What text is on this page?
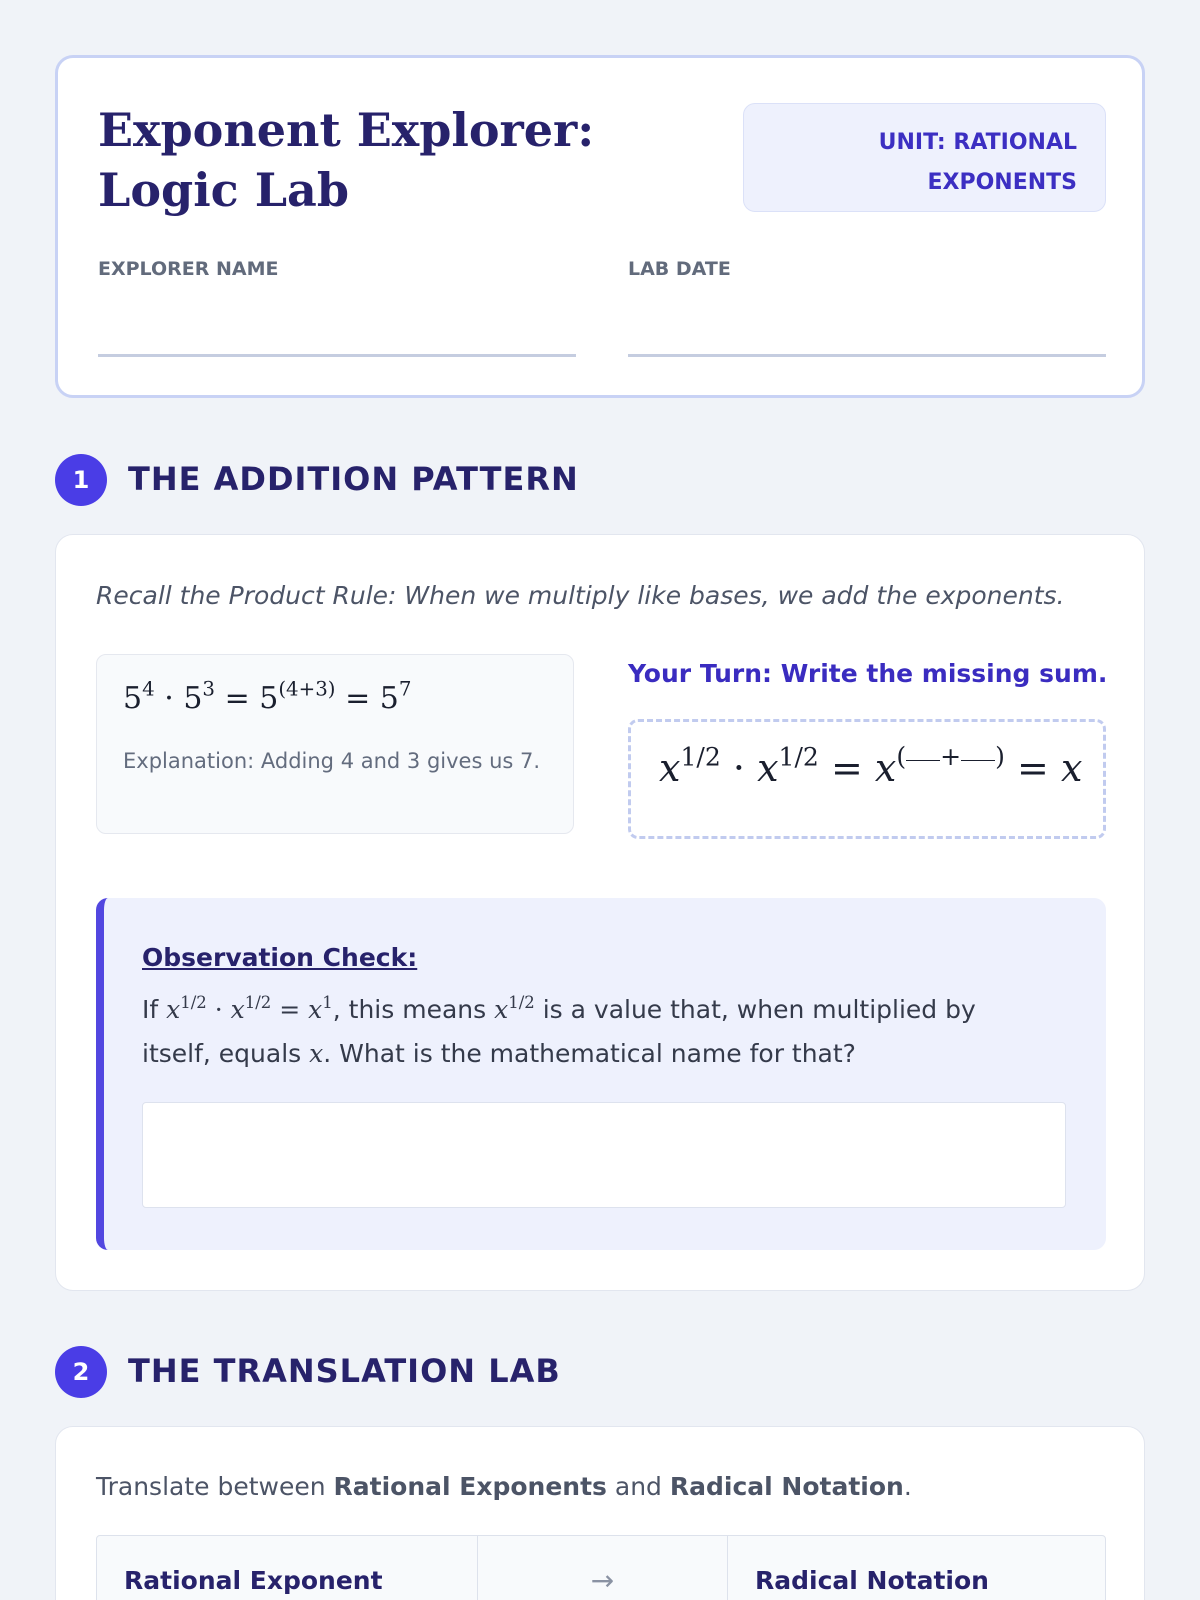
Exponent Explorer: Logic Lab
UNIT: RATIONAL
EXPONENTS
EXPLORER NAME	LAB DATE
1	THE ADDITION PATTERN

Recall the Product Rule: When we multiply like bases, we add the exponents.

$5^4 \cdot 5^3 = 5^{(4+3)} = 5^7$
Explanation: Adding 4 and 3 gives us 7.
Your Turn: Write the missing sum.
$x^{1/2} \cdot x^{1/2} = x^{( + )} = x$
Observation Check:

If $x^{1/2} \cdot x^{1/2} = x^1$, this means $x^{1/2}$ is a value that, when multiplied by itself, equals x. What is the mathematical name for that?

2	THE TRANSLATION LAB

Translate between Rational Exponents and Radical Notation.

Rational Exponent	→	Radical Notation
